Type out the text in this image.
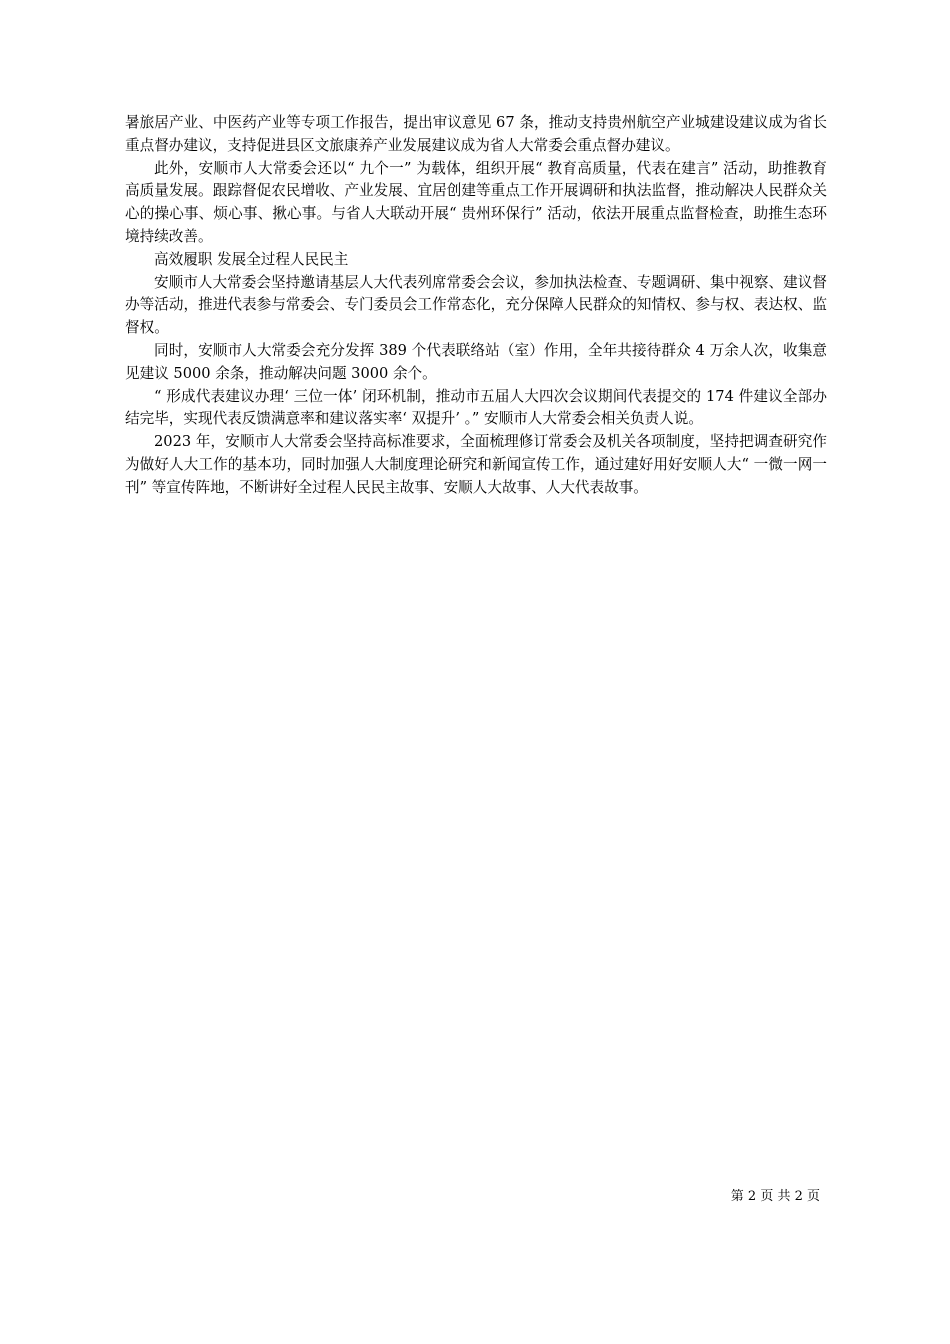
暑旅居产业、中医药产业等专项工作报告，提出审议意见 67 条，推动支持贵州航空产业城建设建议成为省长重点督办建议，支持促进县区文旅康养产业发展建议成为省人大常委会重点督办建议。

此外，安顺市人大常委会还以“ 九个一” 为载体，组织开展“ 教育高质量，代表在建言” 活动，助推教育高质量发展。跟踪督促农民增收、产业发展、宜居创建等重点工作开展调研和执法监督，推动解决人民群众关心的操心事、烦心事、揪心事。与省人大联动开展“ 贵州环保行” 活动，依法开展重点监督检查，助推生态环境持续改善。

高效履职 发展全过程人民民主

安顺市人大常委会坚持邀请基层人大代表列席常委会会议，参加执法检查、专题调研、集中视察、建议督办等活动，推进代表参与常委会、专门委员会工作常态化，充分保障人民群众的知情权、参与权、表达权、监督权。

同时，安顺市人大常委会充分发挥 389 个代表联络站（室）作用，全年共接待群众 4 万余人次，收集意见建议 5000 余条，推动解决问题 3000 余个。

“ 形成代表建议办理‘ 三位一体’ 闭环机制，推动市五届人大四次会议期间代表提交的 174 件建议全部办结完毕，实现代表反馈满意率和建议落实率‘ 双提升’ 。” 安顺市人大常委会相关负责人说。

2023 年，安顺市人大常委会坚持高标准要求，全面梳理修订常委会及机关各项制度，坚持把调查研究作为做好人大工作的基本功，同时加强人大制度理论研究和新闻宣传工作，通过建好用好安顺人大“ 一微一网一刊” 等宣传阵地，不断讲好全过程人民民主故事、安顺人大故事、人大代表故事。

第 2 页 共 2 页
